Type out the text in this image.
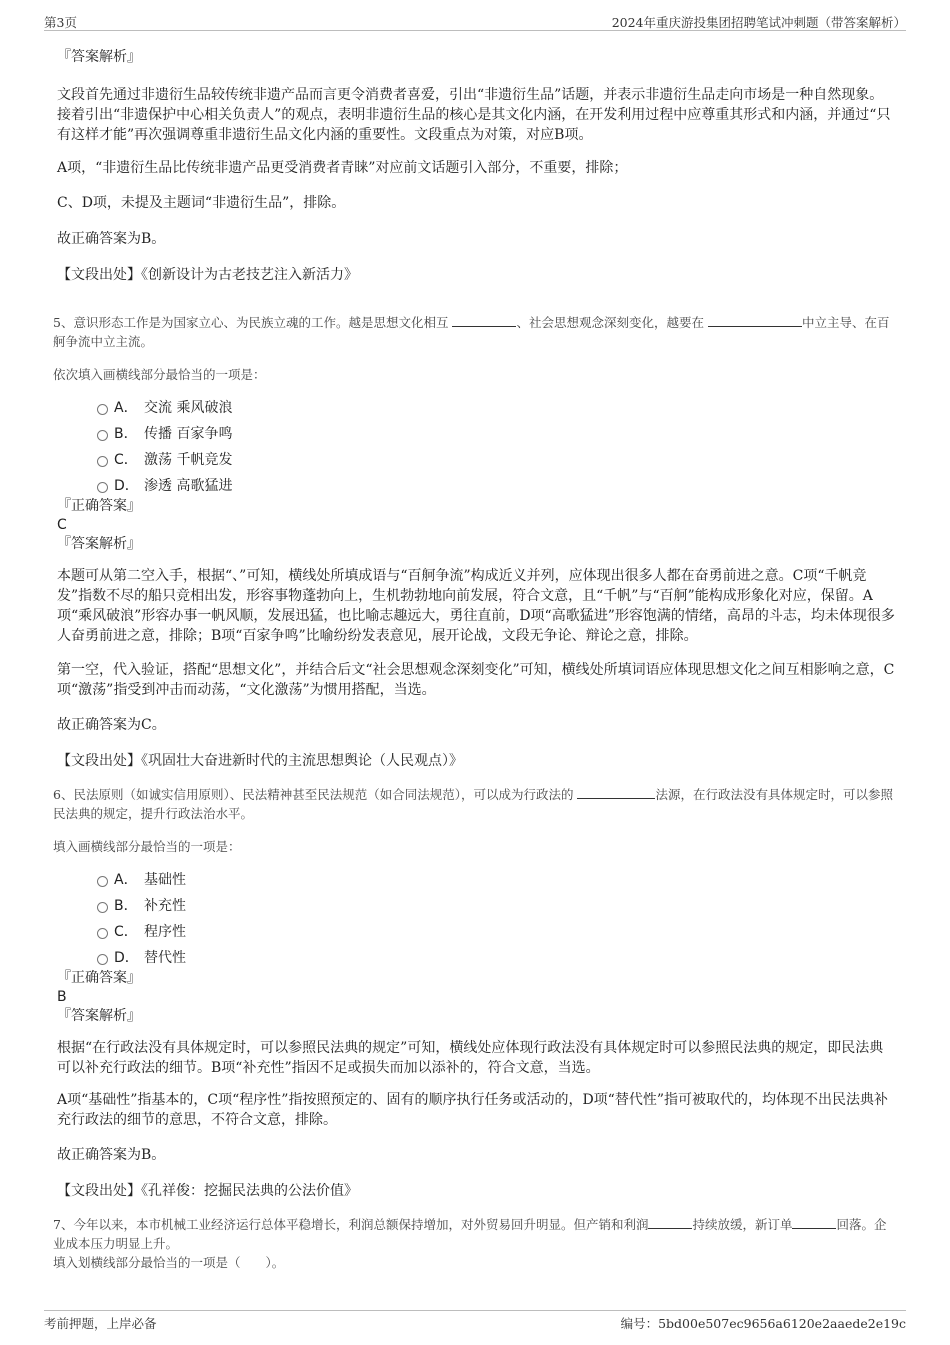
第3页	2024年重庆游投集团招聘笔试冲刺题（带答案解析）

『答案解析』

文段首先通过非遗衍生品较传统非遗产品而言更令消费者喜爱，引出“非遗衍生品”话题，并表示非遗衍生品走向市场是一种自然现象。接着引出“非遗保护中心相关负责人”的观点，表明非遗衍生品的核心是其文化内涵，在开发利用过程中应尊重其形式和内涵，并通过“只有这样才能”再次强调尊重非遗衍生品文化内涵的重要性。文段重点为对策，对应B项。

A项，“非遗衍生品比传统非遗产品更受消费者青睐”对应前文话题引入部分，不重要，排除；

C、D项，未提及主题词“非遗衍生品”，排除。

故正确答案为B。

【文段出处】《创新设计为古老技艺注入新活力》

5、意识形态工作是为国家立心、为民族立魂的工作。越是思想文化相互	、社会思想观念深刻变化，越要在	中立主导、在百舸争流中立主流。

依次填入画横线部分最恰当的一项是：

A． 交流 乘风破浪
B． 传播 百家争鸣
C． 激荡 千帆竞发
D． 渗透 高歌猛进

『正确答案』

C

『答案解析』

本题可从第二空入手，根据“、”可知，横线处所填成语与“百舸争流”构成近义并列，应体现出很多人都在奋勇前进之意。C项“千帆竞发”指数不尽的船只竞相出发，形容事物蓬勃向上，生机勃勃地向前发展，符合文意，且“千帆”与“百舸”能构成形象化对应，保留。A项“乘风破浪”形容办事一帆风顺，发展迅猛，也比喻志趣远大，勇往直前，D项“高歌猛进”形容饱满的情绪，高昂的斗志，均未体现很多人奋勇前进之意，排除；B项“百家争鸣”比喻纷纷发表意见，展开论战，文段无争论、辩论之意，排除。

第一空，代入验证，搭配“思想文化”，并结合后文“社会思想观念深刻变化”可知，横线处所填词语应体现思想文化之间互相影响之意，C项“激荡”指受到冲击而动荡，“文化激荡”为惯用搭配，当选。

故正确答案为C。

【文段出处】《巩固壮大奋进新时代的主流思想舆论（人民观点）》

6、民法原则（如诚实信用原则）、民法精神甚至民法规范（如合同法规范），可以成为行政法的	法源，在行政法没有具体规定时，可以参照民法典的规定，提升行政法治水平。

填入画横线部分最恰当的一项是：

A． 基础性
B． 补充性
C． 程序性
D． 替代性

『正确答案』

B

『答案解析』

根据“在行政法没有具体规定时，可以参照民法典的规定”可知，横线处应体现行政法没有具体规定时可以参照民法典的规定，即民法典可以补充行政法的细节。B项“补充性”指因不足或损失而加以添补的，符合文意，当选。

A项“基础性”指基本的，C项“程序性”指按照预定的、固有的顺序执行任务或活动的，D项“替代性”指可被取代的，均体现不出民法典补充行政法的细节的意思，不符合文意，排除。

故正确答案为B。

【文段出处】《孔祥俊：挖掘民法典的公法价值》

7、今年以来，本市机械工业经济运行总体平稳增长，利润总额保持增加，对外贸易回升明显。但产销和利润	持续放缓，新订单	回落。企业成本压力明显上升。

填入划横线部分最恰当的一项是（　　）。

考前押题，上岸必备	编号：5bd00e507ec9656a6120e2aaede2e19c
